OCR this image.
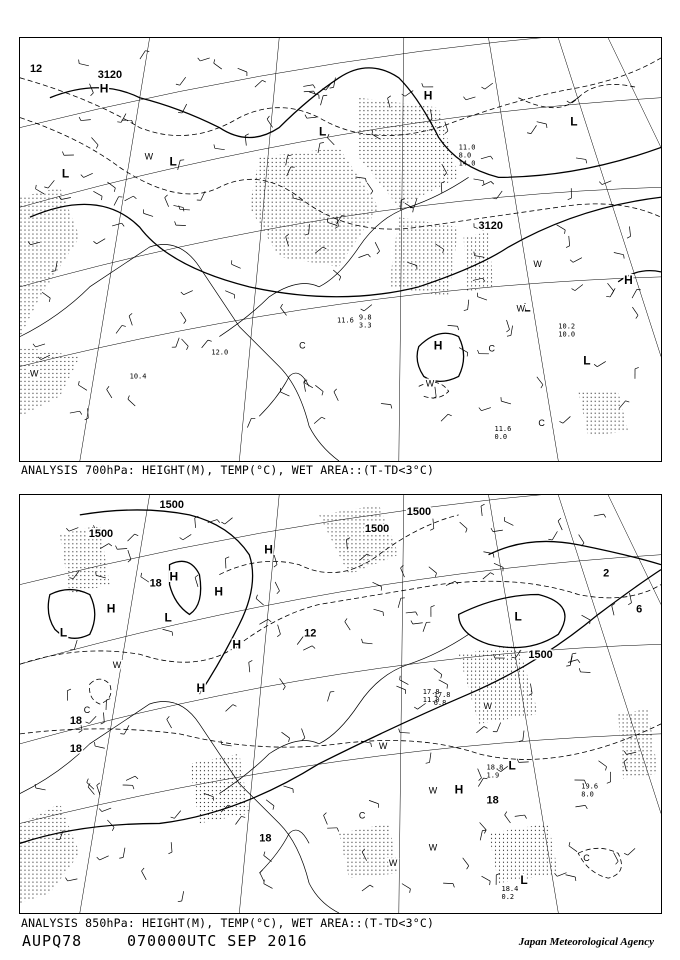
12.0
10.4
11.6 9.8
3.3	10.2
10.0
11.6
0.0
11.0
8.0
14.0
3120
3120
12
H	H
H
H
L
L
L
L
L
L
W
W
W
W
W
C	C
C
ANALYSIS 700hPa: HEIGHT(M), TEMP(°C), WET AREA::(T-TD<3°C)
18.8
1.9
17.8
11.0
19.6
8.0
18.4
0.2
17.8
6.8
1500
1500	1500
1500
1500
18
18
18
18
18
12
6
2
H
H
H
H
H
H
H
L
L
L
L
L
W
W
W
W
W
W
C
C
C
ANALYSIS 850hPa: HEIGHT(M), TEMP(°C), WET AREA::(T-TD<3°C)
AUPQ78	070000UTC SEP 2016	Japan Meteorological Agency
